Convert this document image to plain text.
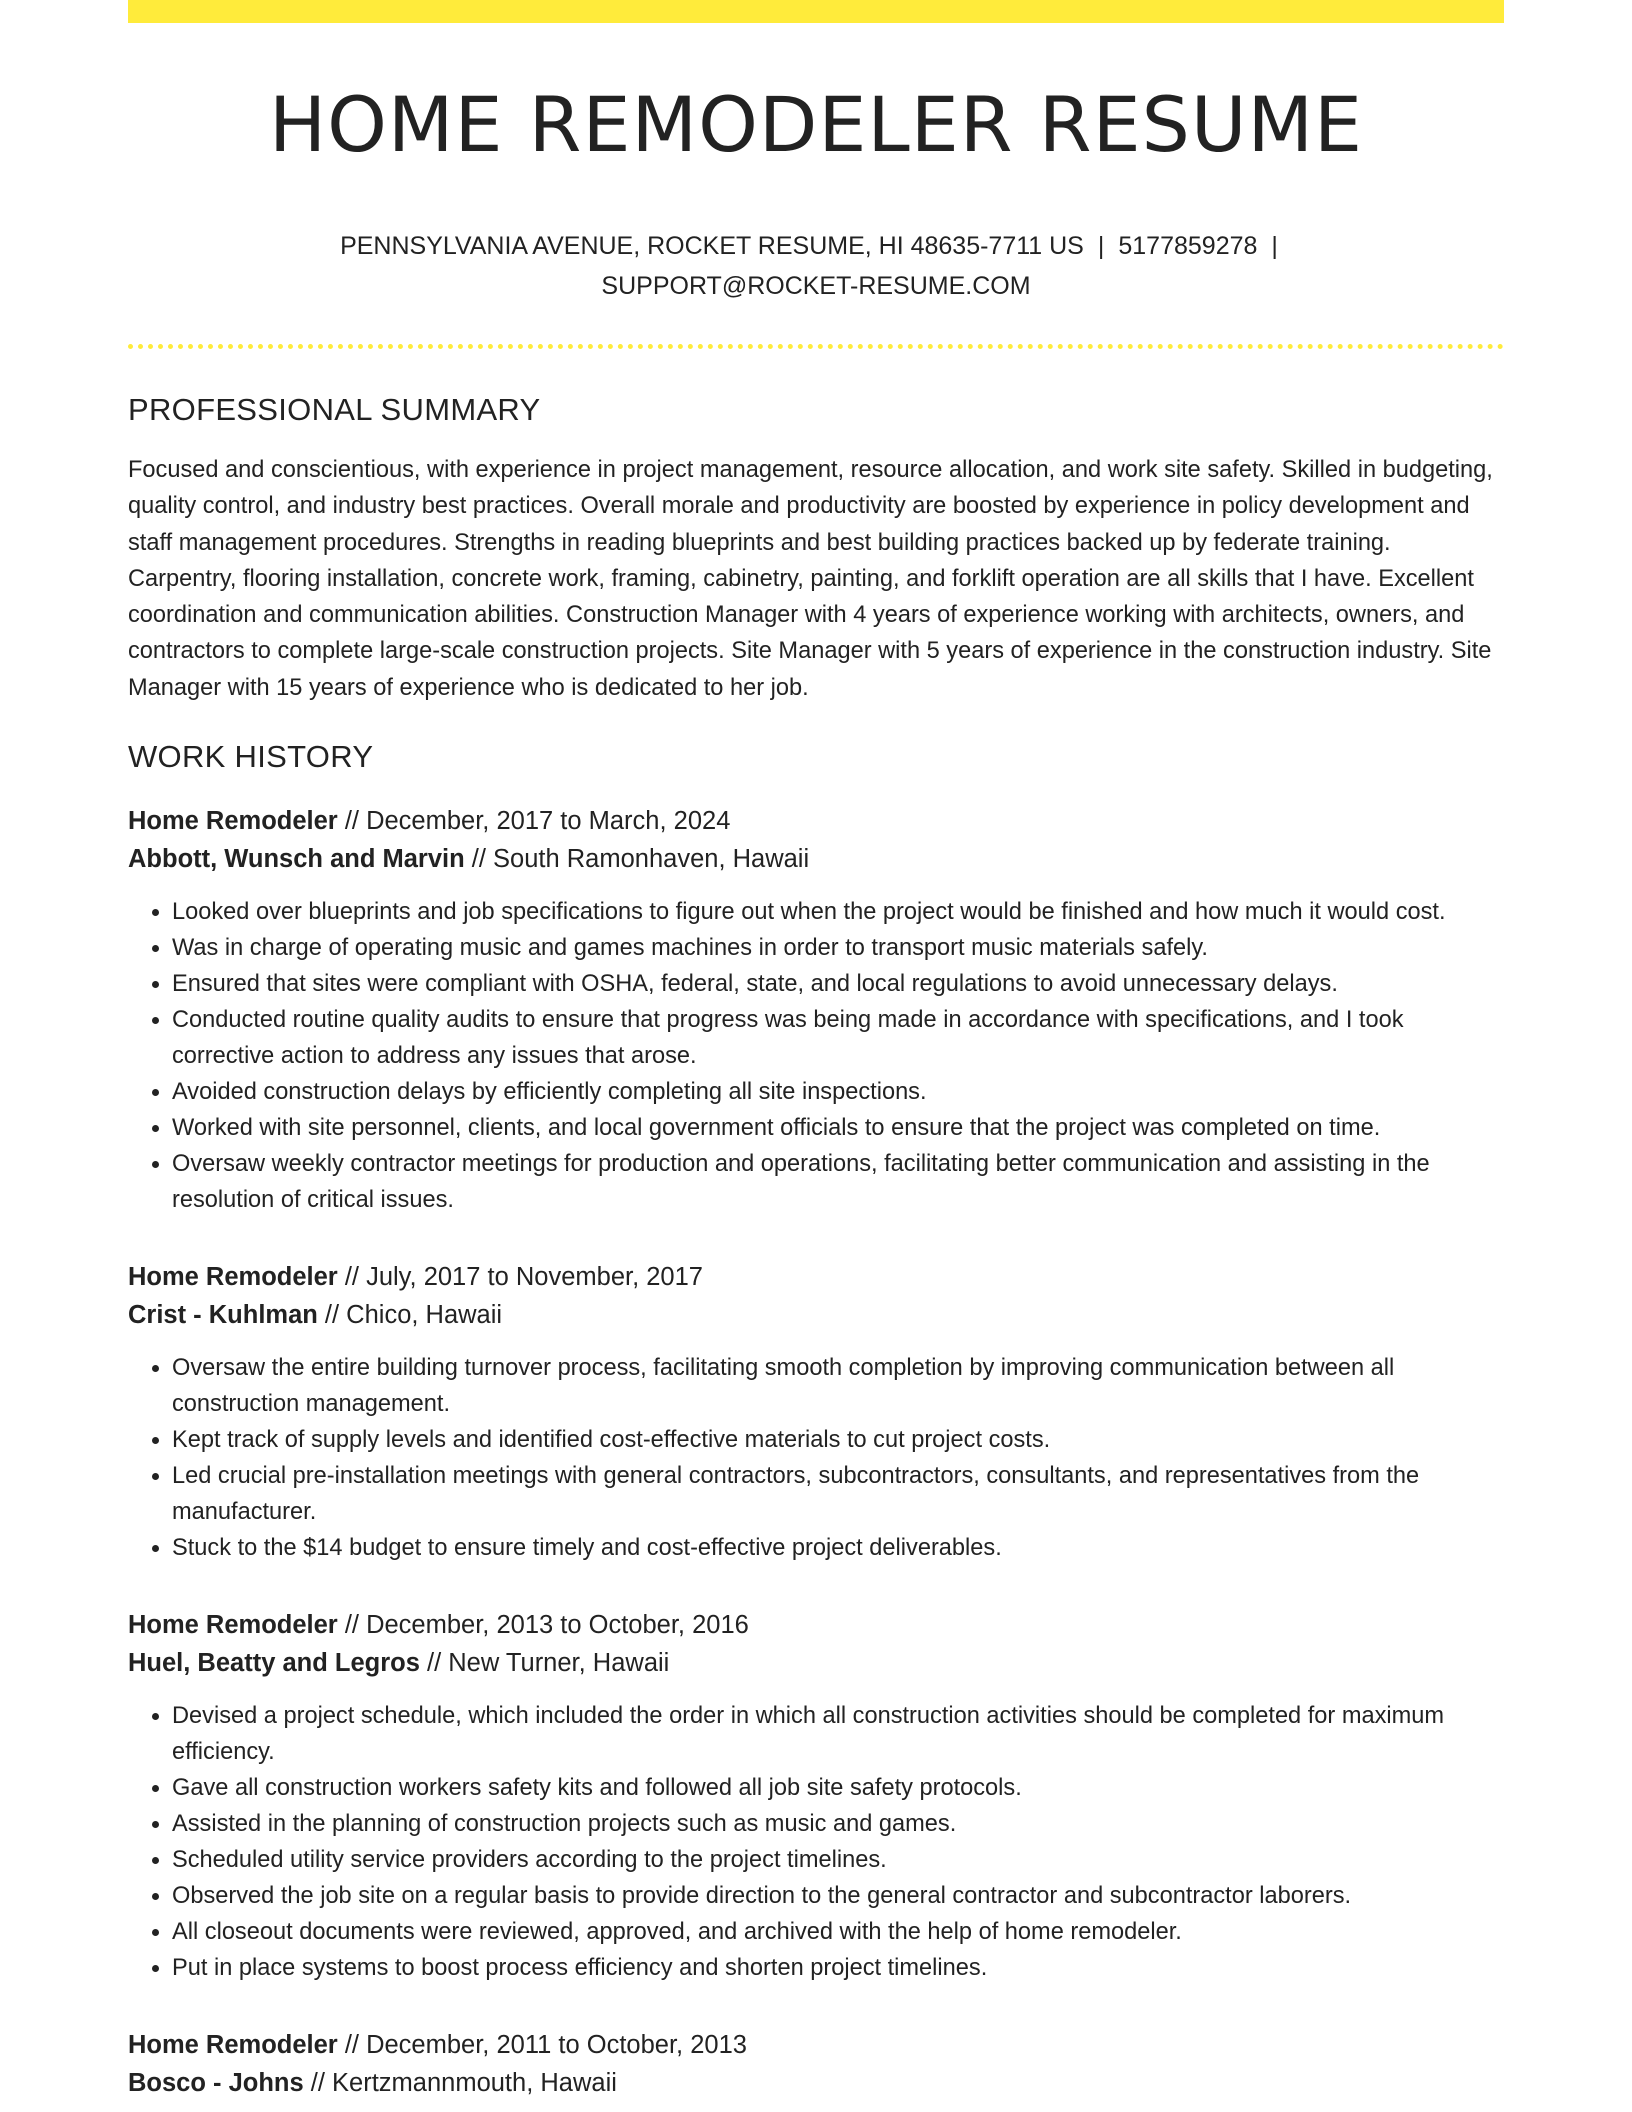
HOME REMODELER RESUME
PENNSYLVANIA AVENUE, ROCKET RESUME, HI 48635-7711 US | 5177859278 |
SUPPORT@ROCKET-RESUME.COM
PROFESSIONAL SUMMARY

Focused and conscientious, with experience in project management, resource allocation, and work site safety. Skilled in budgeting, quality control, and industry best practices. Overall morale and productivity are boosted by experience in policy development and staff management procedures. Strengths in reading blueprints and best building practices backed up by federate training. Carpentry, flooring installation, concrete work, framing, cabinetry, painting, and forklift operation are all skills that I have. Excellent coordination and communication abilities. Construction Manager with 4 years of experience working with architects, owners, and contractors to complete large-scale construction projects. Site Manager with 5 years of experience in the construction industry. Site Manager with 15 years of experience who is dedicated to her job.

WORK HISTORY
Home Remodeler // December, 2017 to March, 2024
Abbott, Wunsch and Marvin // South Ramonhaven, Hawaii
• Looked over blueprints and job specifications to figure out when the project would be finished and how much it would cost.
• Was in charge of operating music and games machines in order to transport music materials safely.
• Ensured that sites were compliant with OSHA, federal, state, and local regulations to avoid unnecessary delays.
• Conducted routine quality audits to ensure that progress was being made in accordance with specifications, and I took corrective action to address any issues that arose.
• Avoided construction delays by efficiently completing all site inspections.
• Worked with site personnel, clients, and local government officials to ensure that the project was completed on time.
• Oversaw weekly contractor meetings for production and operations, facilitating better communication and assisting in the resolution of critical issues.
Home Remodeler // July, 2017 to November, 2017
Crist - Kuhlman // Chico, Hawaii
• Oversaw the entire building turnover process, facilitating smooth completion by improving communication between all construction management.
• Kept track of supply levels and identified cost-effective materials to cut project costs.
• Led crucial pre-installation meetings with general contractors, subcontractors, consultants, and representatives from the manufacturer.
• Stuck to the $14 budget to ensure timely and cost-effective project deliverables.
Home Remodeler // December, 2013 to October, 2016
Huel, Beatty and Legros // New Turner, Hawaii
• Devised a project schedule, which included the order in which all construction activities should be completed for maximum efficiency.
• Gave all construction workers safety kits and followed all job site safety protocols.
• Assisted in the planning of construction projects such as music and games.
• Scheduled utility service providers according to the project timelines.
• Observed the job site on a regular basis to provide direction to the general contractor and subcontractor laborers.
• All closeout documents were reviewed, approved, and archived with the help of home remodeler.
• Put in place systems to boost process efficiency and shorten project timelines.
Home Remodeler // December, 2011 to October, 2013
Bosco - Johns // Kertzmannmouth, Hawaii
